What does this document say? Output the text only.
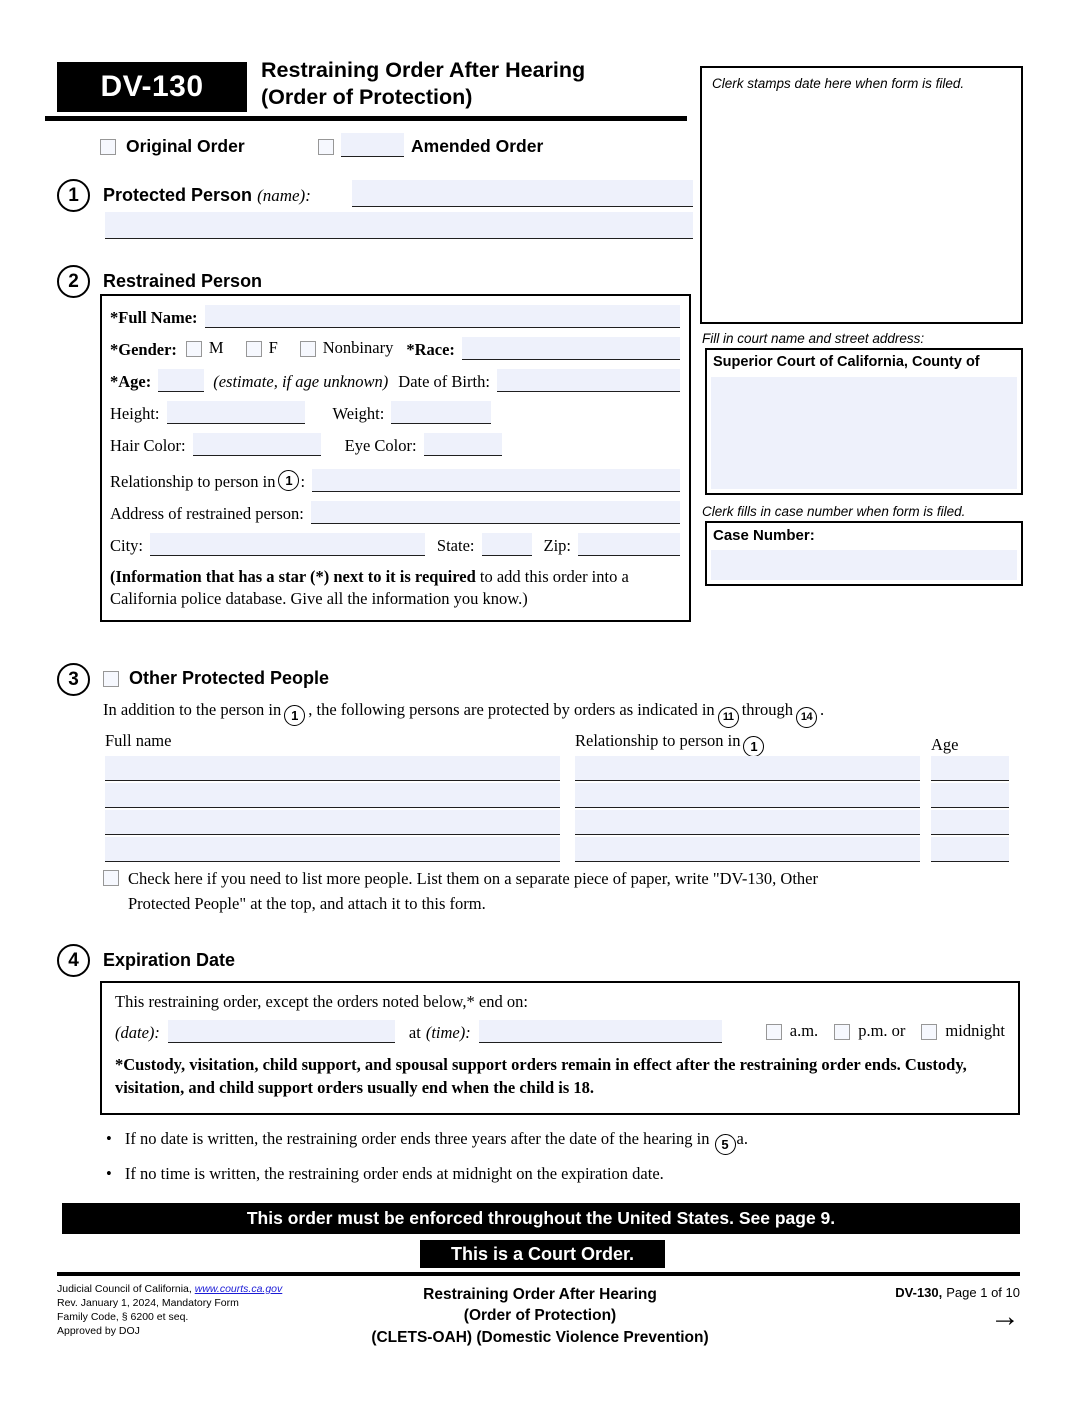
DV-130	Restraining Order After Hearing
(Order of Protection)
Clerk stamps date here when form is filed.
Fill in court name and street address:
Superior Court of California, County of
Clerk fills in case number when form is filed.
Case Number:
Original Order	Amended Order
1	Protected Person (name):
2	Restrained Person
*Full Name:
*Gender: M	F	Nonbinary *Race:
*Age:	(estimate, if age unknown) Date of Birth:
Height:	Weight:
Hair Color:	Eye Color:
Relationship to person in 1 :
Address of restrained person:
City:	State:	Zip:
(Information that has a star (*) next to it is required to add this order into a California police database. Give all the information you know.)
3	Other Protected People
In addition to the person in 1 , the following persons are protected by orders as indicated in 11 through 14 .
Full name	Relationship to person in 1	Age
Check here if you need to list more people. List them on a separate piece of paper, write "DV-130, Other
Protected People" at the top, and attach it to this form.
4	Expiration Date
This restraining order, except the orders noted below,* end on:
(date):	at (time):	a.m. p.m. or midnight
*Custody, visitation, child support, and spousal support orders remain in effect after the restraining order ends. Custody, visitation, and child support orders usually end when the child is 18.
• If no date is written, the restraining order ends three years after the date of the hearing in 5 a.
• If no time is written, the restraining order ends at midnight on the expiration date.
This order must be enforced throughout the United States. See page 9.
This is a Court Order.
Judicial Council of California, www.courts.ca.gov
Rev. January 1, 2024, Mandatory Form
Family Code, § 6200 et seq.
Approved by DOJ
Restraining Order After Hearing
(Order of Protection)
(CLETS-OAH) (Domestic Violence Prevention)
DV-130, Page 1 of 10
→
